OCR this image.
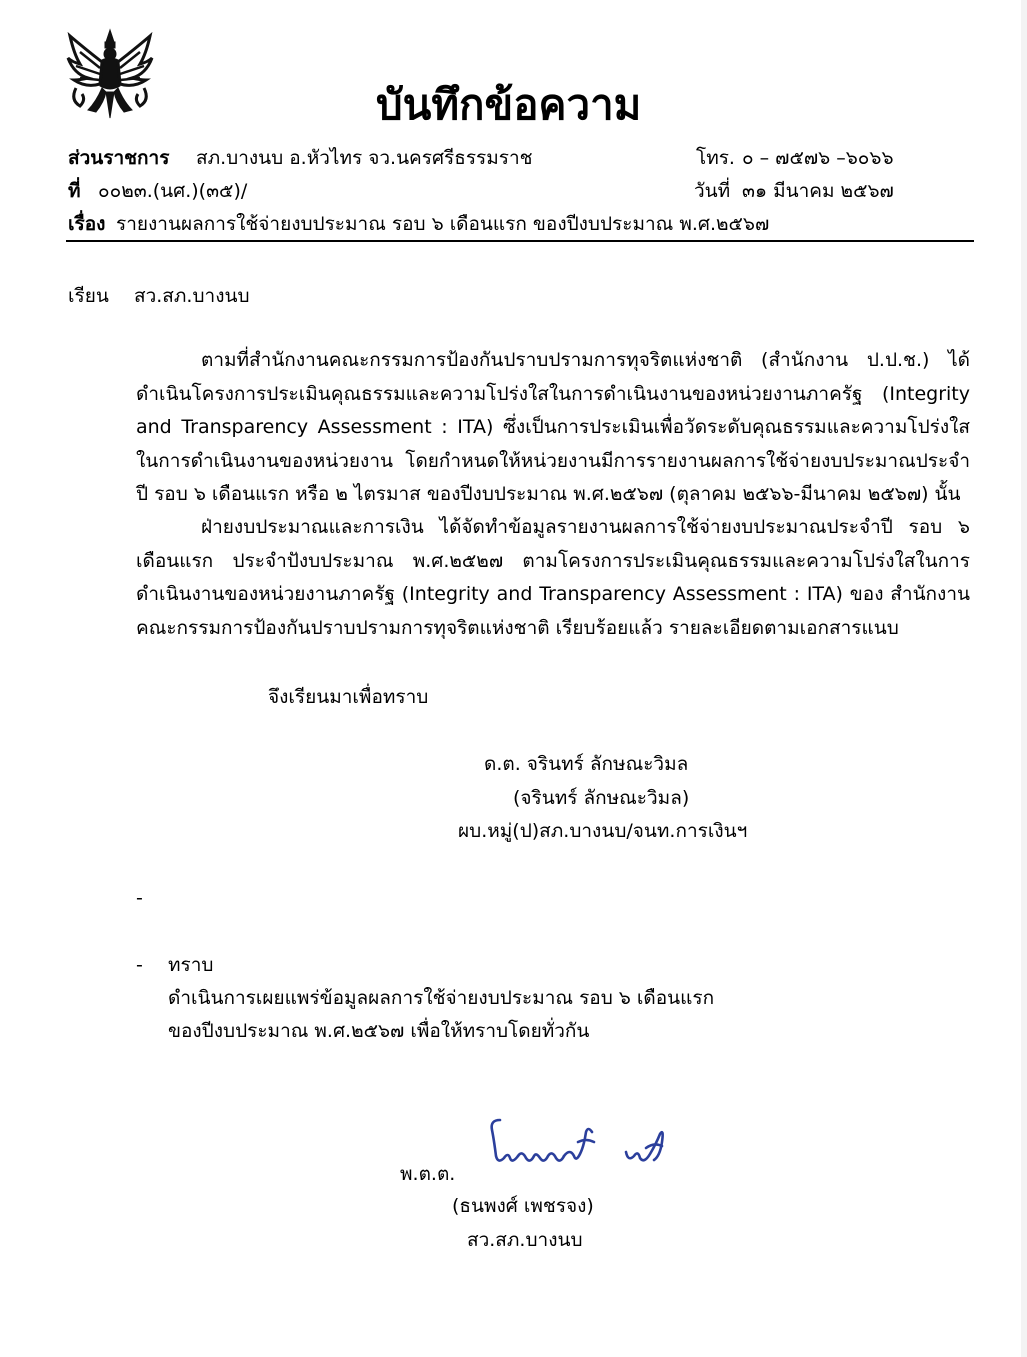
บันทึกข้อความ
ส่วนราชการ สภ.บางนบ อ.หัวไทร จว.นครศรีธรรมราช	โทร. ๐ – ๗๕๗๖ –๖๐๖๖
ที่ ๐๐๒๓.(นศ.)(๓๕)/	วันที่ ๓๑ มีนาคม ๒๕๖๗
เรื่อง รายงานผลการใช้จ่ายงบประมาณ รอบ ๖ เดือนแรก ของปีงบประมาณ พ.ศ.๒๕๖๗
เรียน สว.สภ.บางนบ
ตามที่สำนักงานคณะกรรมการป้องกันปราบปรามการทุจริตแห่งชาติ (สำนักงาน ป.ป.ช.) ได้ดำเนินโครงการประเมินคุณธรรมและความโปร่งใสในการดำเนินงานของหน่วยงานภาครัฐ (Integrity and Transparency Assessment : ITA) ซึ่งเป็นการประเมินเพื่อวัดระดับคุณธรรมและความโปร่งใสในการดำเนินงานของหน่วยงาน โดยกำหนดให้หน่วยงานมีการรายงานผลการใช้จ่ายงบประมาณประจำปี รอบ ๖ เดือนแรก หรือ ๒ ไตรมาส ของปีงบประมาณ พ.ศ.๒๕๖๗ (ตุลาคม ๒๕๖๖-มีนาคม ๒๕๖๗) นั้น
ฝ่ายงบประมาณและการเงิน ได้จัดทำข้อมูลรายงานผลการใช้จ่ายงบประมาณประจำปี รอบ ๖ เดือนแรก ประจำปังบประมาณ พ.ศ.๒๕๒๗ ตามโครงการประเมินคุณธรรมและความโปร่งใสในการดำเนินงานของหน่วยงานภาครัฐ (Integrity and Transparency Assessment : ITA) ของ สำนักงานคณะกรรมการป้องกันปราบปรามการทุจริตแห่งชาติ เรียบร้อยแล้ว รายละเอียดตามเอกสารแนบ
จึงเรียนมาเพื่อทราบ
ด.ต. จรินทร์ ลักษณะวิมล
(จรินทร์ ลักษณะวิมล)
ผบ.หมู่(ป)สภ.บางนบ/จนท.การเงินฯ
-
- ทราบ
ดำเนินการเผยแพร่ข้อมูลผลการใช้จ่ายงบประมาณ รอบ ๖ เดือนแรก
ของปีงบประมาณ พ.ศ.๒๕๖๗ เพื่อให้ทราบโดยทั่วกัน
พ.ต.ต.
(ธนพงศ์ เพชรจง)
สว.สภ.บางนบ
